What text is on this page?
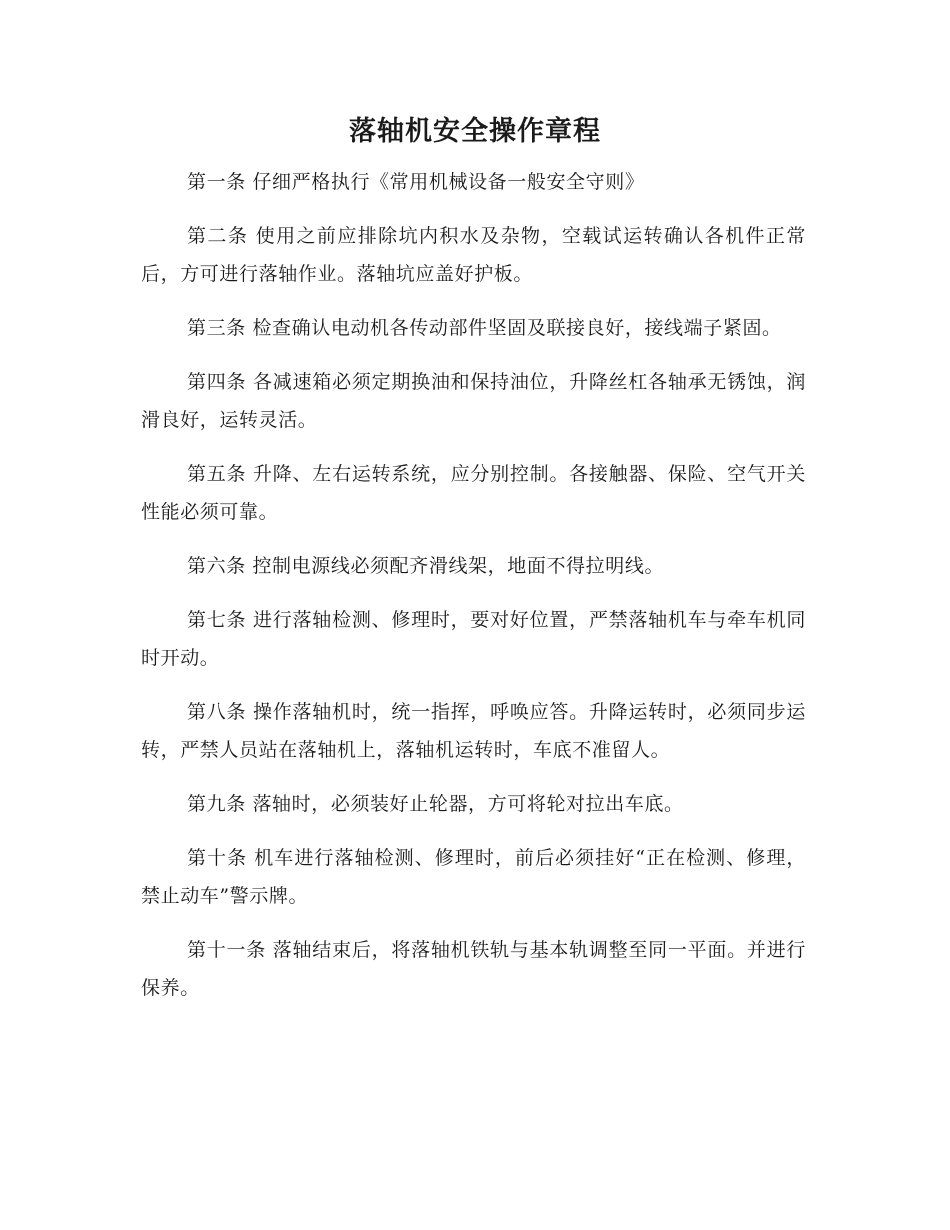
落轴机安全操作章程

第一条 仔细严格执行《常用机械设备一般安全守则》

第二条 使用之前应排除坑内积水及杂物，空载试运转确认各机件正常后，方可进行落轴作业。落轴坑应盖好护板。

第三条 检查确认电动机各传动部件坚固及联接良好，接线端子紧固。

第四条 各减速箱必须定期换油和保持油位，升降丝杠各轴承无锈蚀，润滑良好，运转灵活。

第五条 升降、左右运转系统，应分别控制。各接触器、保险、空气开关性能必须可靠。

第六条 控制电源线必须配齐滑线架，地面不得拉明线。

第七条 进行落轴检测、修理时，要对好位置，严禁落轴机车与牵车机同时开动。

第八条 操作落轴机时，统一指挥，呼唤应答。升降运转时，必须同步运转，严禁人员站在落轴机上，落轴机运转时，车底不准留人。

第九条 落轴时，必须装好止轮器，方可将轮对拉出车底。

第十条 机车进行落轴检测、修理时，前后必须挂好“正在检测、修理，禁止动车”警示牌。

第十一条 落轴结束后，将落轴机铁轨与基本轨调整至同一平面。并进行保养。
